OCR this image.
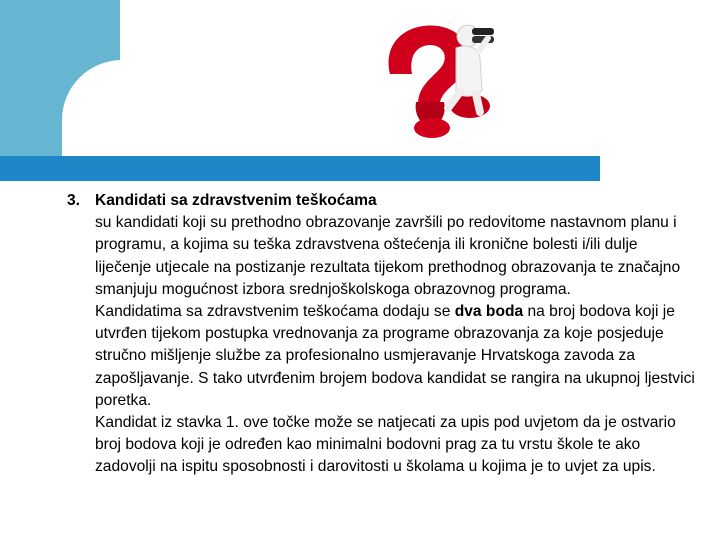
3. Kandidati sa zdravstvenim teškoćama

su kandidati koji su prethodno obrazovanje završili po redovitome nastavnom planu i programu, a kojima su teška zdravstvena oštećenja ili kronične bolesti i/ili dulje liječenje utjecale na postizanje rezultata tijekom prethodnog obrazovanja te značajno smanjuju mogućnost izbora srednjoškolskoga obrazovnog programa.

Kandidatima sa zdravstvenim teškoćama dodaju se dva boda na broj bodova koji je utvrđen tijekom postupka vrednovanja za programe obrazovanja za koje posjeduje stručno mišljenje službe za profesionalno usmjeravanje Hrvatskoga zavoda za zapošljavanje. S tako utvrđenim brojem bodova kandidat se rangira na ukupnoj ljestvici poretka.

Kandidat iz stavka 1. ove točke može se natjecati za upis pod uvjetom da je ostvario broj bodova koji je određen kao minimalni bodovni prag za tu vrstu škole te ako zadovolji na ispitu sposobnosti i darovitosti u školama u kojima je to uvjet za upis.
